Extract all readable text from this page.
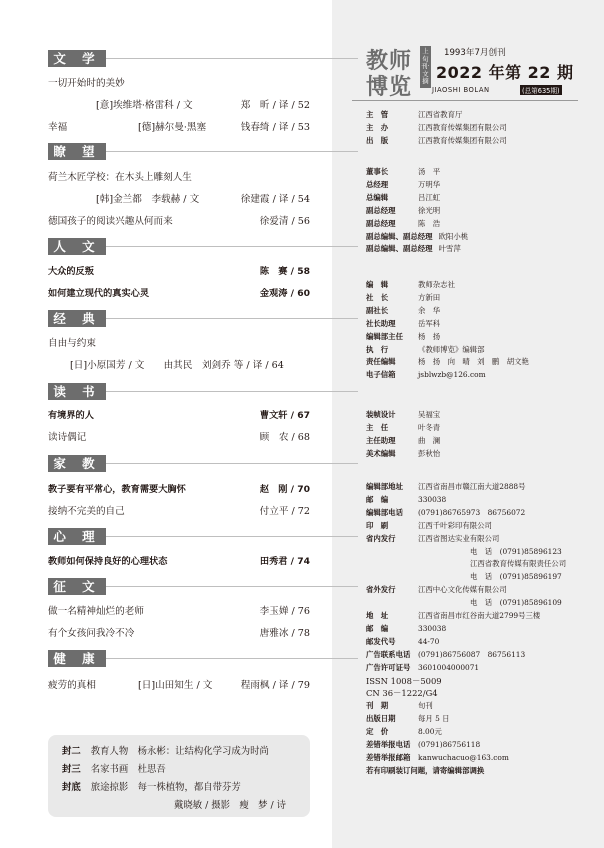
文 学
一切开始时的美妙
[意]埃维塔·格雷科 / 文	郑　昕 / 译 / 52
幸福	[德]赫尔曼·黑塞	钱春绮 / 译 / 53
瞭 望
荷兰木匠学校：在木头上雕刻人生
[韩]金兰都　李载赫 / 文	徐建霞 / 译 / 54
德国孩子的阅读兴趣从何而来	徐爱清 / 56
人 文
大众的反叛	陈　赛 / 58
如何建立现代的真实心灵	金观涛 / 60
经 典
自由与约束
[日]小原国芳 / 文　　由其民　刘剑乔 等 / 译 / 64
读 书
有境界的人	曹文轩 / 67
读诗偶记	顾　农 / 68
家 教
教子要有平常心，教育需要大胸怀	赵　刚 / 70
接纳不完美的自己	付立平 / 72
心 理
教师如何保持良好的心理状态	田秀君 / 74
征 文
做一名精神灿烂的老师	李玉婵 / 76
有个女孩问我冷不冷	唐雅冰 / 78
健 康
疲劳的真相	[日]山田知生 / 文	程雨枫 / 译 / 79
封二 教育人物　杨永彬：让结构化学习成为时尚
封三 名家书画　杜思吾
封底 旅途掠影　每一株植物，都自带芬芳
戴晓敏 / 摄影　瘦　梦 / 诗
教师
博览
上旬刊·文摘
1993年7月创刊
2022 年第 22 期
JIAOSHI BOLAN	(总第635期)
主　管	江西省教育厅
主　办	江西教育传媒集团有限公司
出　版	江西教育传媒集团有限公司
董事长	汤　平
总经理	万明华
总编辑	吕江虹
副总经理	徐光明
副总经理	陈　浩
副总编辑、副总经理 欧阳小桃
副总编辑、副总经理 叶雪萍
编　辑	教师杂志社
社　长	方新田
副社长	余　华
社长助理	岳军科
编辑部主任 杨　扬
执　行	《教师博览》编辑部
责任编辑	杨　扬　向　晴　刘　鹏　胡文艳
电子信箱	jsblwzb@126.com
装帧设计	吴福宝
主　任	叶冬青
主任助理	曲　澜
美术编辑	彭秋怡
编辑部地址 江西省南昌市赣江南大道2888号
邮　编	330038
编辑部电话 (0791)86765973　86756072
印　刷	江西千叶彩印有限公司
省内发行	江西省图达实业有限公司
电　话　(0791)85896123
江西省教育传媒有限责任公司
电　话　(0791)85896197
省外发行	江西中心文化传媒有限公司
电　话　(0791)85896109
地　址	江西省南昌市红谷南大道2799号三楼
邮　编	330038
邮发代号	44-70
广告联系电话 (0791)86756087　86756113
广告许可证号 3601004000071
ISSN 1008－5009
CN 36－1222/G4
刊　期	旬刊
出版日期	每月 5 日
定　价	8.00元
差错举报电话 (0791)86756118
差错举报邮箱 kanwuchacuo@163.com
若有印刷装订问题，请寄编辑部调换
